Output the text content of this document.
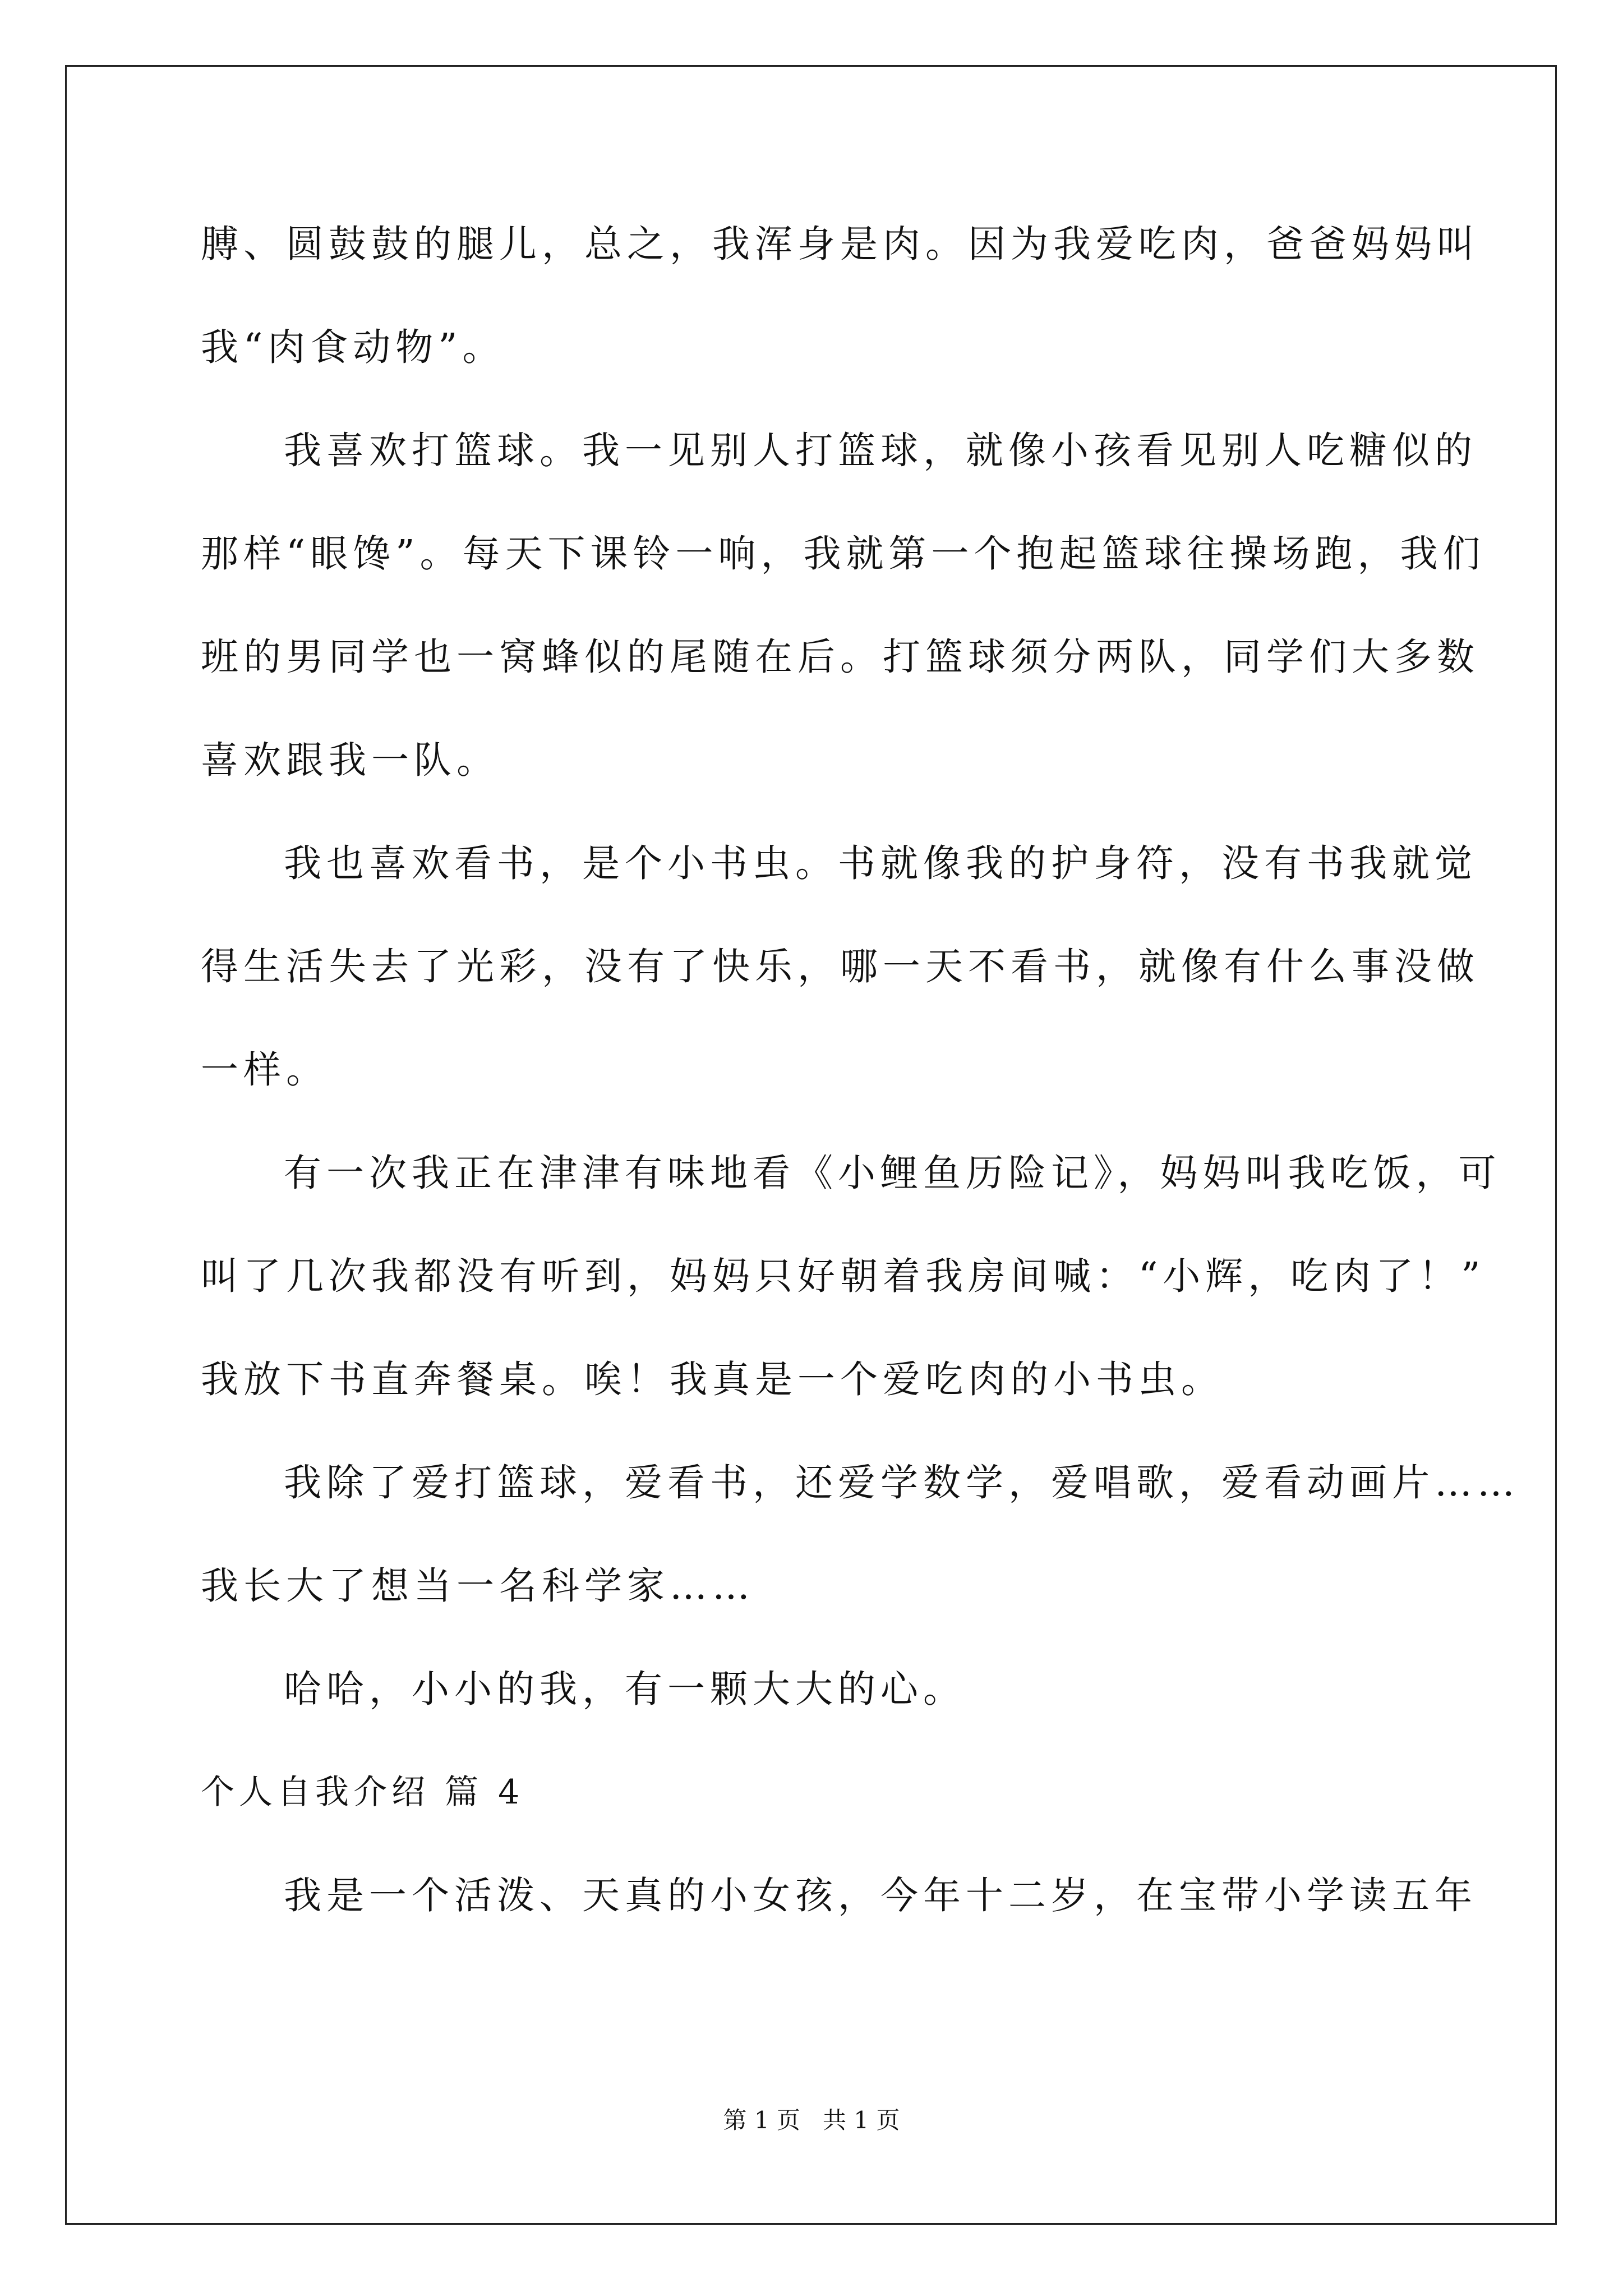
膊、圆鼓鼓的腿儿，总之，我浑身是肉。因为我爱吃肉，爸爸妈妈叫
我“肉食动物”。
我喜欢打篮球。我一见别人打篮球，就像小孩看见别人吃糖似的
那样“眼馋”。每天下课铃一响，我就第一个抱起篮球往操场跑，我们
班的男同学也一窝蜂似的尾随在后。打篮球须分两队，同学们大多数
喜欢跟我一队。
我也喜欢看书，是个小书虫。书就像我的护身符，没有书我就觉
得生活失去了光彩，没有了快乐，哪一天不看书，就像有什么事没做
一样。
有一次我正在津津有味地看《小鲤鱼历险记》，妈妈叫我吃饭，可
叫了几次我都没有听到，妈妈只好朝着我房间喊：“小辉，吃肉了！”
我放下书直奔餐桌。唉！我真是一个爱吃肉的小书虫。
我除了爱打篮球，爱看书，还爱学数学，爱唱歌，爱看动画片……
我长大了想当一名科学家……
哈哈，小小的我，有一颗大大的心。
个人自我介绍 篇 4
我是一个活泼、天真的小女孩，今年十二岁，在宝带小学读五年
第 1 页   共 1 页
